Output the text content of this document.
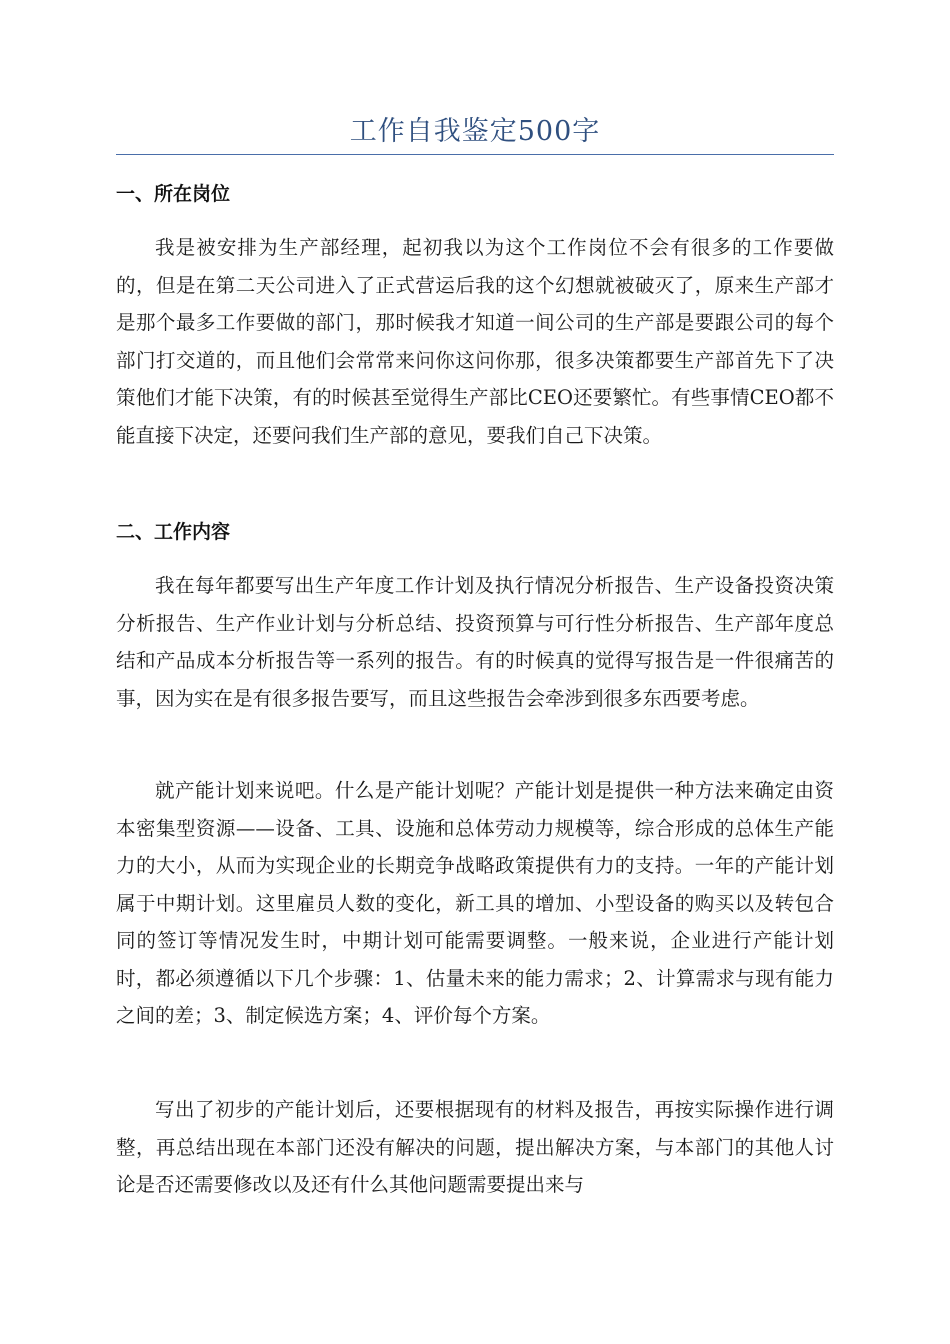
工作自我鉴定500字
一、所在岗位
我是被安排为生产部经理，起初我以为这个工作岗位不会有很多的工作要做的，但是在第二天公司进入了正式营运后我的这个幻想就被破灭了，原来生产部才是那个最多工作要做的部门，那时候我才知道一间公司的生产部是要跟公司的每个部门打交道的，而且他们会常常来问你这问你那，很多决策都要生产部首先下了决策他们才能下决策，有的时候甚至觉得生产部比CEO还要繁忙。有些事情CEO都不能直接下决定，还要问我们生产部的意见，要我们自己下决策。
二、工作内容
我在每年都要写出生产年度工作计划及执行情况分析报告、生产设备投资决策分析报告、生产作业计划与分析总结、投资预算与可行性分析报告、生产部年度总结和产品成本分析报告等一系列的报告。有的时候真的觉得写报告是一件很痛苦的事，因为实在是有很多报告要写，而且这些报告会牵涉到很多东西要考虑。
就产能计划来说吧。什么是产能计划呢？产能计划是提供一种方法来确定由资本密集型资源——设备、工具、设施和总体劳动力规模等，综合形成的总体生产能力的大小，从而为实现企业的长期竞争战略政策提供有力的支持。一年的产能计划属于中期计划。这里雇员人数的变化，新工具的增加、小型设备的购买以及转包合同的签订等情况发生时，中期计划可能需要调整。一般来说，企业进行产能计划时，都必须遵循以下几个步骤：1、估量未来的能力需求；2、计算需求与现有能力之间的差；3、制定候选方案；4、评价每个方案。
写出了初步的产能计划后，还要根据现有的材料及报告，再按实际操作进行调整，再总结出现在本部门还没有解决的问题，提出解决方案，与本部门的其他人讨论是否还需要修改以及还有什么其他问题需要提出来与
